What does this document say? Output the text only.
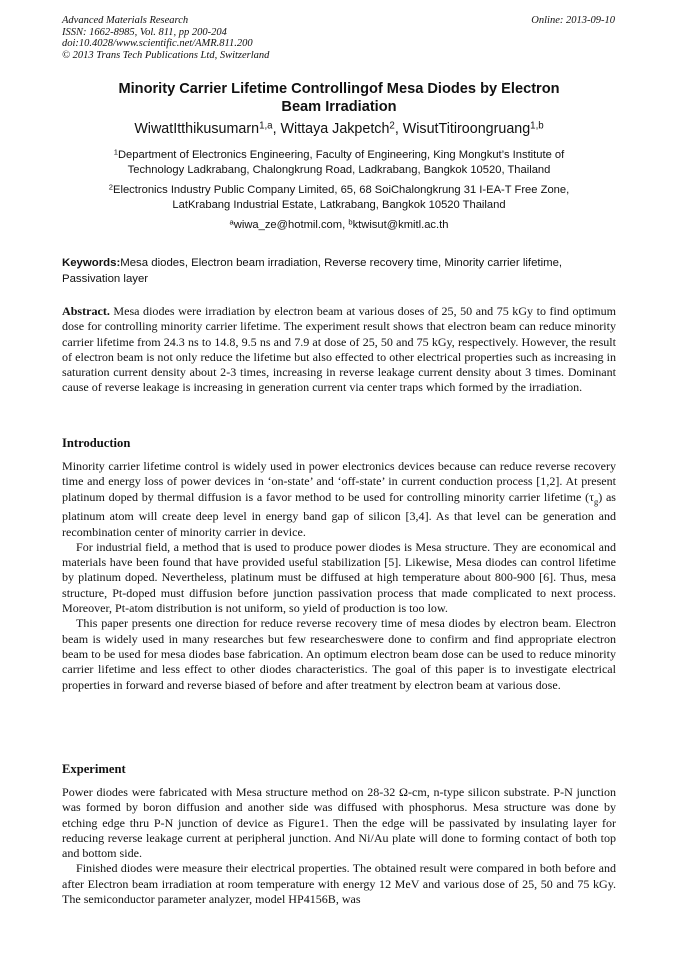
Advanced Materials Research
ISSN: 1662-8985, Vol. 811, pp 200-204
doi:10.4028/www.scientific.net/AMR.811.200
© 2013 Trans Tech Publications Ltd, Switzerland
Online: 2013-09-10
Minority Carrier Lifetime Controllingof Mesa Diodes by Electron
Beam Irradiation
WiwatItthikusumarn$^{1,a}$, Wittaya Jakpetch$^2$, WisutTitiroongruang$^{1,b}$
$^1$Department of Electronics Engineering, Faculty of Engineering, King Mongkut’s Institute of
Technology Ladkrabang, Chalongkrung Road, Ladkrabang, Bangkok 10520, Thailand
$^2$Electronics Industry Public Company Limited, 65, 68 SoiChalongkrung 31 I-EA-T Free Zone,
LatKrabang Industrial Estate, Latkrabang, Bangkok 10520 Thailand
$^a$wiwa_ze@hotmil.com, $^b$ktwisut@kmitl.ac.th
Keywords:Mesa diodes, Electron beam irradiation, Reverse recovery time, Minority carrier lifetime, Passivation layer

Abstract. Mesa diodes were irradiation by electron beam at various doses of 25, 50 and 75 kGy to find optimum dose for controlling minority carrier lifetime. The experiment result shows that electron beam can reduce minority carrier lifetime from 24.3 ns to 14.8, 9.5 ns and 7.9 at dose of 25, 50 and 75 kGy, respectively. However, the result of electron beam is not only reduce the lifetime but also effected to other electrical properties such as increasing in saturation current density about 2-3 times, increasing in reverse leakage current density about 3 times. Dominant cause of reverse leakage is increasing in generation current via center traps which formed by the irradiation.

Introduction

Minority carrier lifetime control is widely used in power electronics devices because can reduce reverse recovery time and energy loss of power devices in ‘on-state’ and ‘off-state’ in current conduction process [1,2]. At present platinum doped by thermal diffusion is a favor method to be used for controlling minority carrier lifetime $(\tau_g)$ as platinum atom will create deep level in energy band gap of silicon [3,4]. As that level can be generation and recombination center of minority carrier in device.

For industrial field, a method that is used to produce power diodes is Mesa structure. They are economical and materials have been found that have provided useful stabilization [5]. Likewise, Mesa diodes can control lifetime by platinum doped. Nevertheless, platinum must be diffused at high temperature about 800-900 [6]. Thus, mesa structure, Pt-doped must diffusion before junction passivation process that made complicated to next process. Moreover, Pt-atom distribution is not uniform, so yield of production is too low.

This paper presents one direction for reduce reverse recovery time of mesa diodes by electron beam. Electron beam is widely used in many researches but few researcheswere done to confirm and find appropriate electron beam to be used for mesa diodes base fabrication. An optimum electron beam dose can be used to reduce minority carrier lifetime and less effect to other diodes characteristics. The goal of this paper is to investigate electrical properties in forward and reverse biased of before and after treatment by electron beam at various dose.

Experiment

Power diodes were fabricated with Mesa structure method on 28-32 Ω-cm, n-type silicon substrate. P-N junction was formed by boron diffusion and another side was diffused with phosphorus. Mesa structure was done by etching edge thru P-N junction of device as Figure1. Then the edge will be passivated by insulating layer for reducing reverse leakage current at peripheral junction. And Ni/Au plate will done to forming contact of both top and bottom side.

Finished diodes were measure their electrical properties. The obtained result were compared in both before and after Electron beam irradiation at room temperature with energy 12 MeV and various dose of 25, 50 and 75 kGy. The semiconductor parameter analyzer, model HP4156B, was
